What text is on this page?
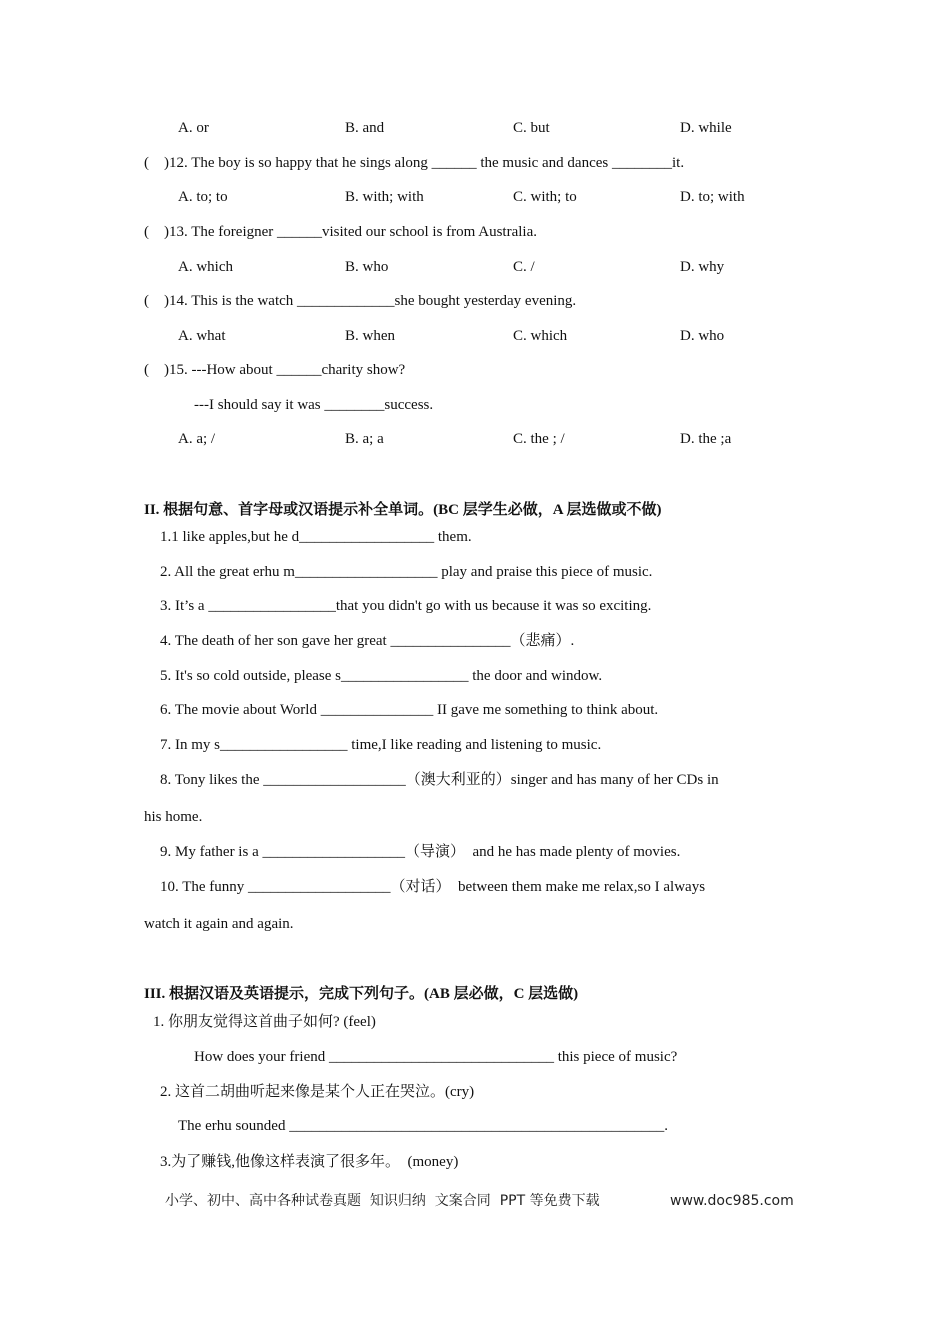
A. or	B. and	C. but	D. while
(    )12. The boy is so happy that he sings along ______ the music and dances ________it.
A. to; to	B. with; with	C. with; to	D. to; with
(    )13. The foreigner ______visited our school is from Australia.
A. which	B. who	C. /	D. why
(    )14. This is the watch _____________she bought yesterday evening.
A. what	B. when	C. which	D. who
(    )15. ---How about ______charity show?
---I should say it was ________success.
A. a; /	B. a; a	C. the ; /	D. the ;a
II. 根据句意、首字母或汉语提示补全单词。(BC 层学生必做，A 层选做或不做)
1.1 like apples,but he d__________________ them.
2. All the great erhu m___________________ play and praise this piece of music.
3. It’s a _________________that you didn't go with us because it was so exciting.
4. The death of her son gave her great ________________（悲痛）.
5. It's so cold outside, please s_________________ the door and window.
6. The movie about World _______________ II gave me something to think about.
7. In my s_________________ time,I like reading and listening to music.
8. Tony likes the ___________________（澳大利亚的）singer and has many of her CDs in
his home.
9. My father is a ___________________（导演）  and he has made plenty of movies.
10. The funny ___________________（对话）  between them make me relax,so I always
watch it again and again.
III. 根据汉语及英语提示，完成下列句子。(AB 层必做，C 层选做)
1. 你朋友觉得这首曲子如何? (feel)
How does your friend ______________________________ this piece of music?
2. 这首二胡曲听起来像是某个人正在哭泣。(cry)
The erhu sounded __________________________________________________.
3.为了赚钱,他像这样表演了很多年。  (money)
小学、初中、高中各种试卷真题  知识归纳  文案合同  PPT 等免费下载	www.doc985.com
